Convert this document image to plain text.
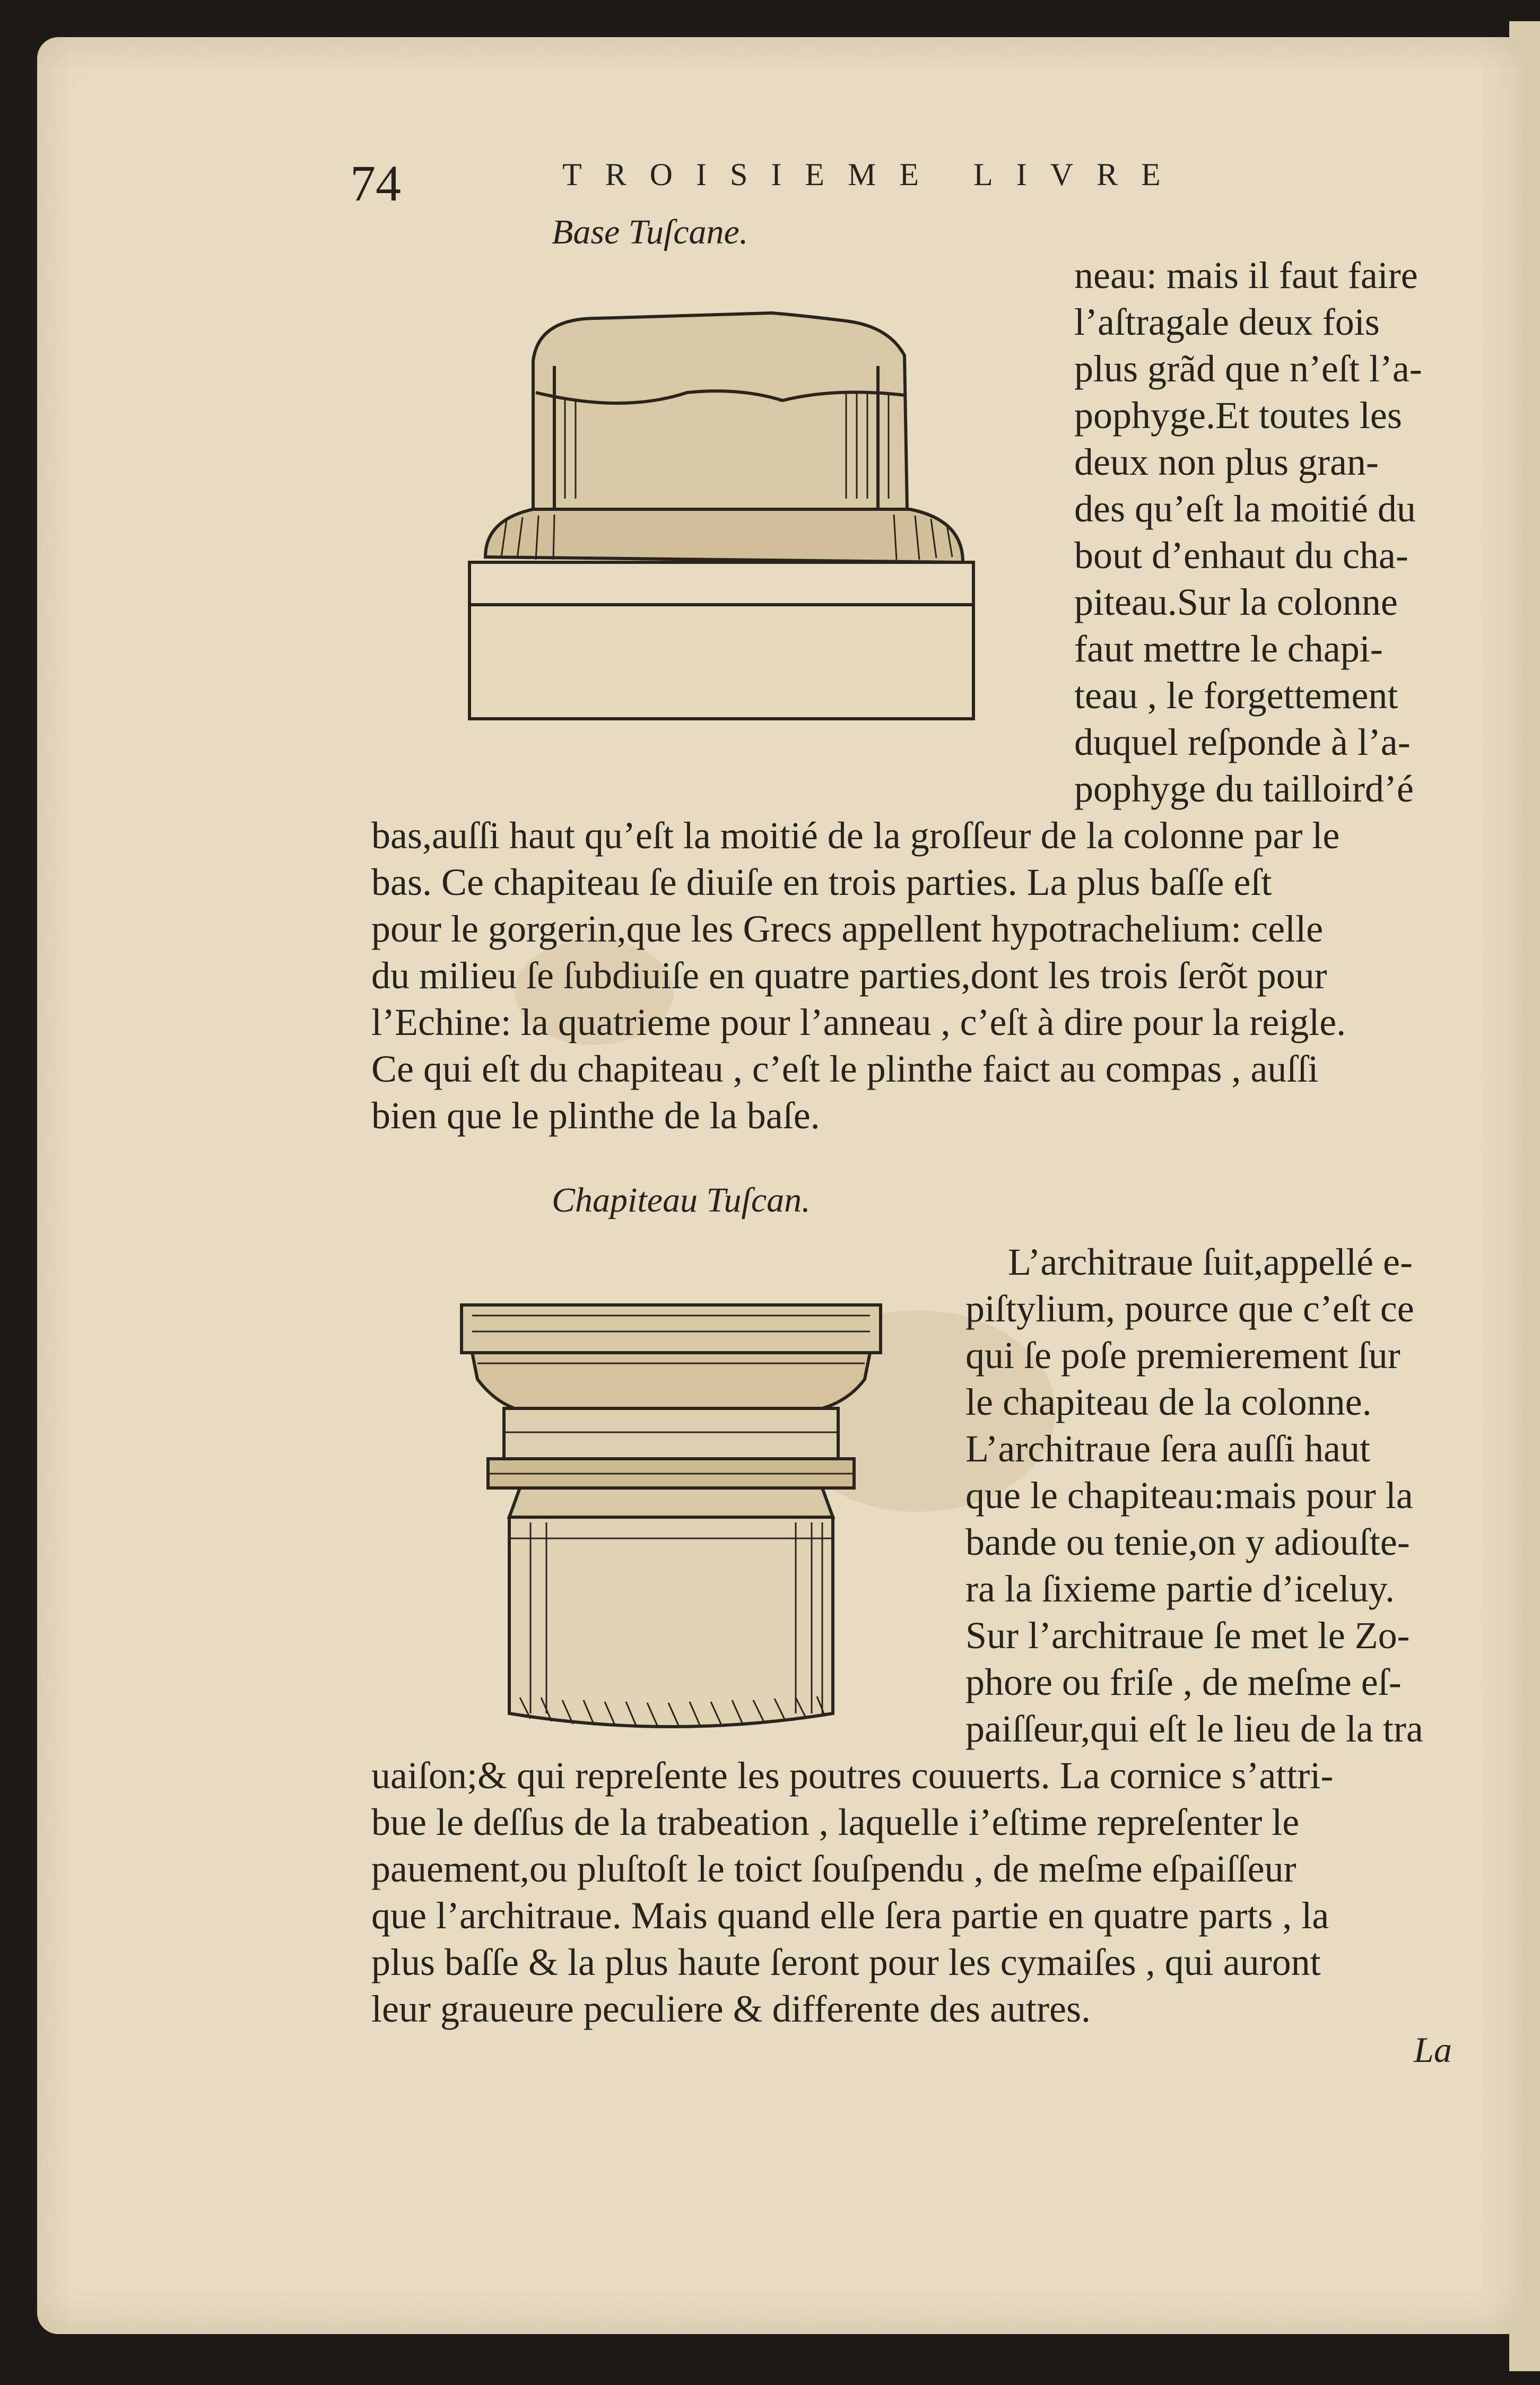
74	TROISIEME LIVRE
Base Tuſcane.
neau: mais il faut faire
l’aſtragale deux fois
plus grãd que n’eſt l’a-
pophyge.Et toutes les
deux non plus gran-
des qu’eſt la moitié du
bout d’enhaut du cha-
piteau.Sur la colonne
faut mettre le chapi-
teau , le forgettement
duquel reſponde à l’a-
pophyge du tailloird’é
bas,auſſi haut qu’eſt la moitié de la groſſeur de la colonne par le
bas. Ce chapiteau ſe diuiſe en trois parties. La plus baſſe eſt
pour le gorgerin,que les Grecs appellent hypotrachelium: celle
du milieu ſe ſubdiuiſe en quatre parties,dont les trois ſerõt pour
l’Echine: la quatrieme pour l’anneau , c’eſt à dire pour la reigle.
Ce qui eſt du chapiteau , c’eſt le plinthe faict au compas , auſſi
bien que le plinthe de la baſe.
Chapiteau Tuſcan.
L’architraue ſuit,appellé e-
piſtylium, pource que c’eſt ce
qui ſe poſe premierement ſur
le chapiteau de la colonne.
L’architraue ſera auſſi haut
que le chapiteau:mais pour la
bande ou tenie,on y adiouſte-
ra la ſixieme partie d’iceluy.
Sur l’architraue ſe met le Zo-
phore ou friſe , de meſme eſ-
paiſſeur,qui eſt le lieu de la tra
uaiſon;& qui repreſente les poutres couuerts. La cornice s’attri-
bue le deſſus de la trabeation , laquelle i’eſtime repreſenter le
pauement,ou pluſtoſt le toict ſouſpendu , de meſme eſpaiſſeur
que l’architraue. Mais quand elle ſera partie en quatre parts , la
plus baſſe & la plus haute ſeront pour les cymaiſes , qui auront
leur graueure peculiere & differente des autres.
La
